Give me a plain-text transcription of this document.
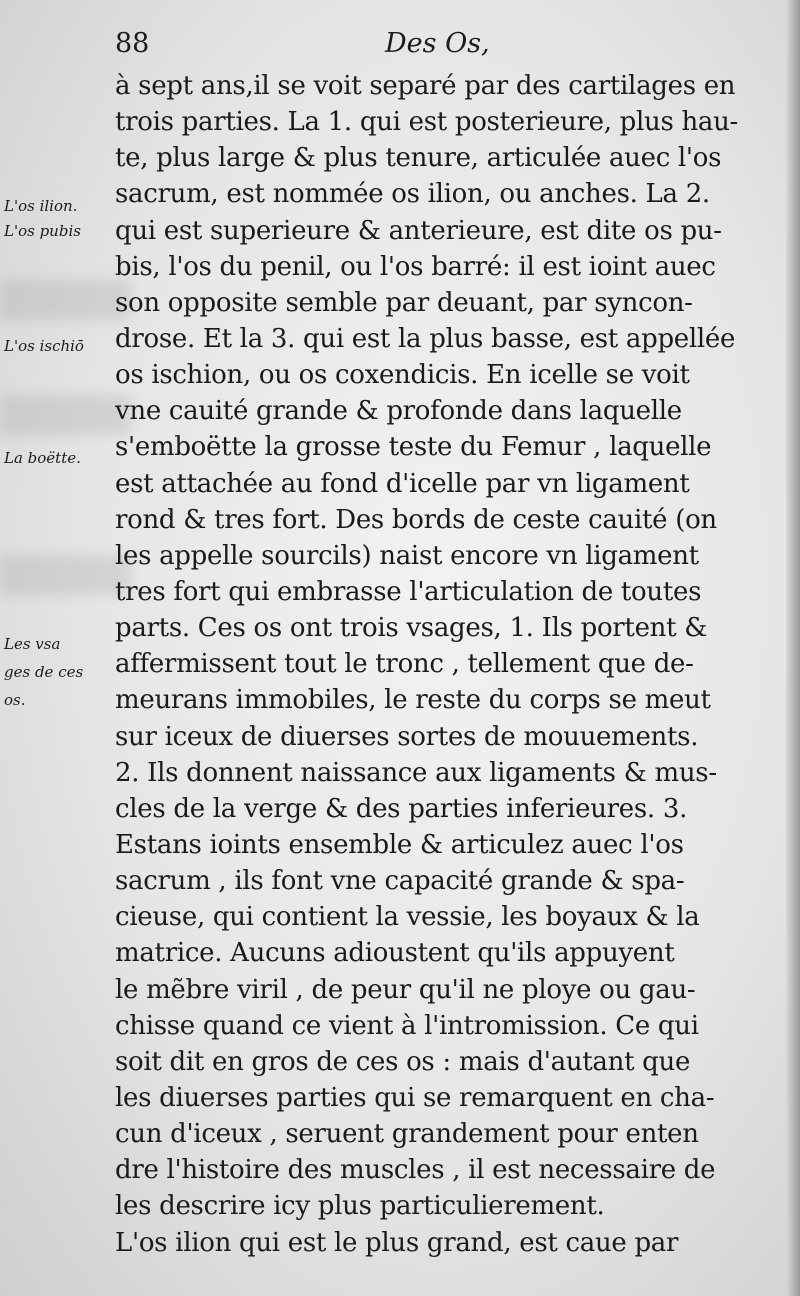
88	Des Os,
L'os ilion.
L'os pubis
L'os ischiō
La boëtte.
Les vsa
ges de ces
os.
à sept ans,il se voit separé par des cartilages en
trois parties. La 1. qui est posterieure, plus hau-
te, plus large & plus tenure, articulée auec l'os
sacrum, est nommée os ilion, ou anches. La 2.
qui est superieure & anterieure, est dite os pu-
bis, l'os du penil, ou l'os barré: il est ioint auec
son opposite semble par deuant, par syncon-
drose. Et la 3. qui est la plus basse, est appellée
os ischion, ou os coxendicis. En icelle se voit
vne cauité grande & profonde dans laquelle
s'emboëtte la grosse teste du Femur , laquelle
est attachée au fond d'icelle par vn ligament
rond & tres fort. Des bords de ceste cauité (on
les appelle sourcils) naist encore vn ligament
tres fort qui embrasse l'articulation de toutes
parts. Ces os ont trois vsages, 1. Ils portent &
affermissent tout le tronc , tellement que de-
meurans immobiles, le reste du corps se meut
sur iceux de diuerses sortes de mouuements.
2. Ils donnent naissance aux ligaments & mus-
cles de la verge & des parties inferieures. 3.
Estans ioints ensemble & articulez auec l'os
sacrum , ils font vne capacité grande & spa-
cieuse, qui contient la vessie, les boyaux & la
matrice. Aucuns adioustent qu'ils appuyent
le mẽbre viril , de peur qu'il ne ploye ou gau-
chisse quand ce vient à l'intromission. Ce qui
soit dit en gros de ces os : mais d'autant que
les diuerses parties qui se remarquent en cha-
cun d'iceux , seruent grandement pour enten
dre l'histoire des muscles , il est necessaire de
les descrire icy plus particulierement.
L'os ilion qui est le plus grand, est caue par
